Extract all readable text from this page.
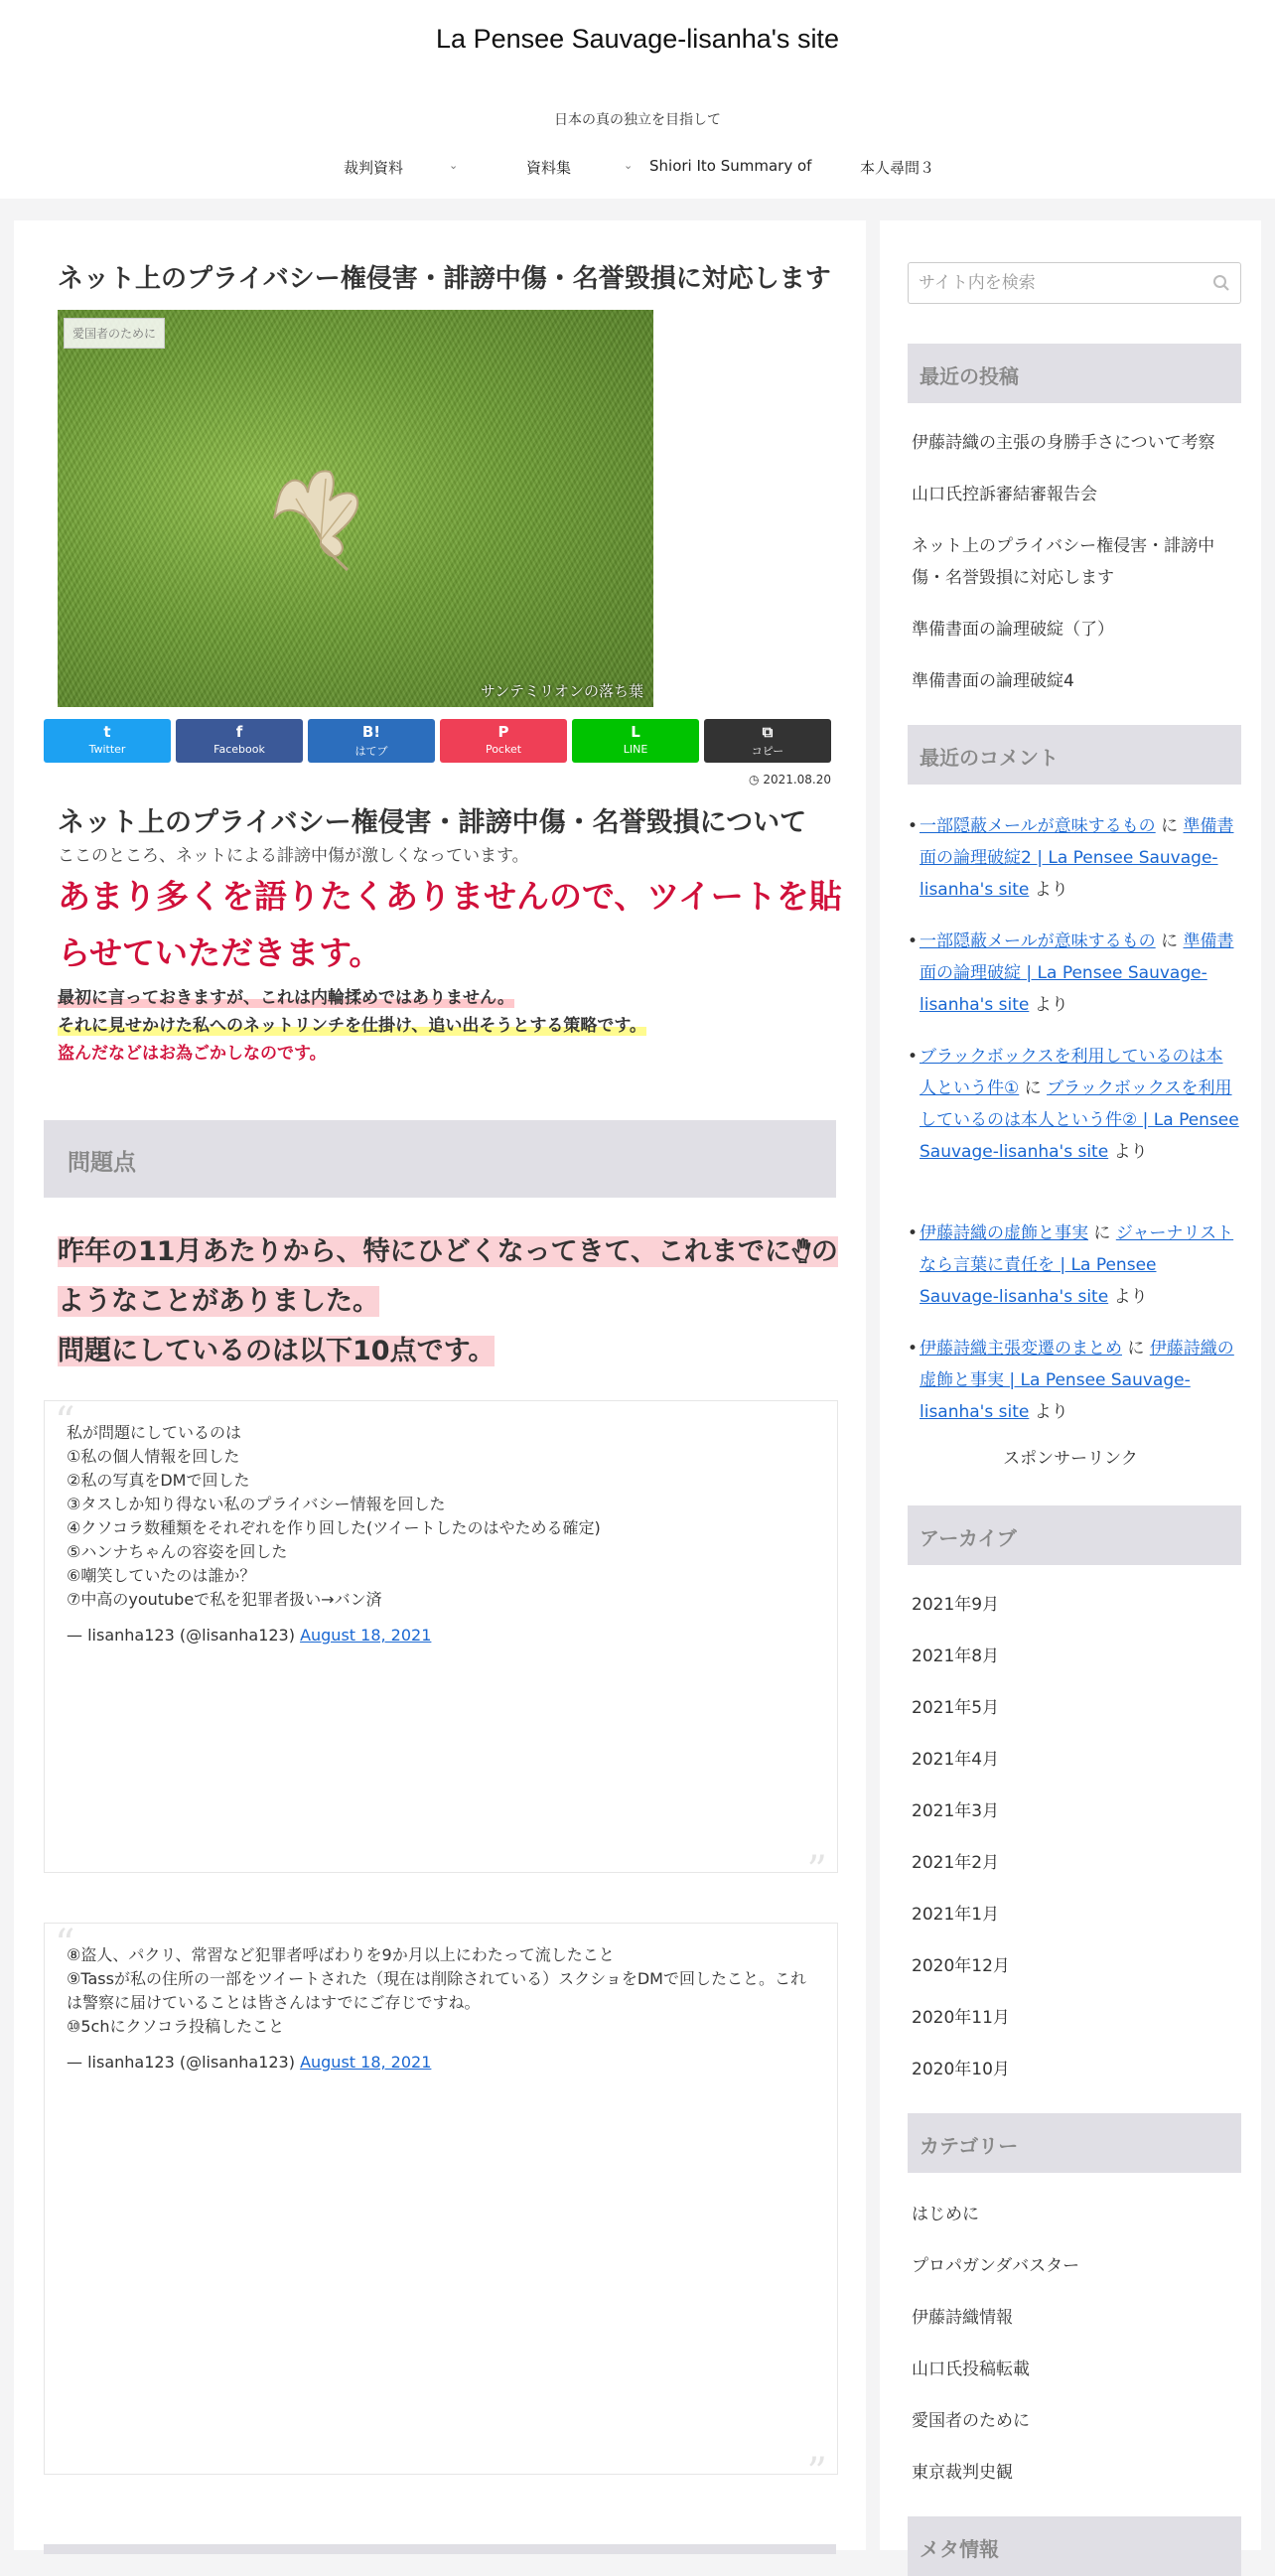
La Pensee Sauvage-lisanha's site
日本の真の独立を目指して
裁判資料	⌄	資料集	⌄ Shiori Ito Summary of	本人尋問３
ネット上のプライバシー権侵害・誹謗中傷・名誉毀損に対応します
愛国者のために
サンテミリオンの落ち葉
t
Twitter
f
Facebook
B!
はてブ
P
Pocket
L
LINE
⧉
コピー
◷ 2021.08.20
ネット上のプライバシー権侵害・誹謗中傷・名誉毀損について

ここのところ、ネットによる誹謗中傷が激しくなっています。

あまり多くを語りたくありませんので、ツイートを貼らせていただきます。

最初に言っておきますが、これは内輪揉めではありません。

それに見せかけた私へのネットリンチを仕掛け、追い出そうとする策略です。

盗んだなどはお為ごかしなのです。

問題点
昨年の11月あたりから、特にひどくなってきて、これまでに🖐︎のようなことがありました。
問題にしているのは以下10点です。
“
私が問題にしているのは
①私の個人情報を回した
②私の写真をDMで回した
③タスしか知り得ない私のプライバシー情報を回した
④クソコラ数種類をそれぞれを作り回した(ツイートしたのはやためる確定)
⑤ハンナちゃんの容姿を回した
⑥嘲笑していたのは誰か？
⑦中高のyoutubeで私を犯罪者扱い→バン済
— lisanha123 (@lisanha123) August 18, 2021
”
“
⑧盗人、パクリ、常習など犯罪者呼ばわりを9か月以上にわたって流したこと
⑨Tassが私の住所の一部をツイートされた（現在は削除されている）スクショをDMで回したこと。これは警察に届けていることは皆さんはすでにご存じですね。
⑩5chにクソコラ投稿したこと
— lisanha123 (@lisanha123) August 18, 2021
”
サイト内を検索
最近の投稿
伊藤詩織の主張の身勝手さについて考察
山口氏控訴審結審報告会
ネット上のプライバシー権侵害・誹謗中傷・名誉毀損に対応します
準備書面の論理破綻（了）
準備書面の論理破綻4
最近のコメント
• 一部隠蔽メールが意味するもの に 準備書面の論理破綻2 | La Pensee Sauvage-lisanha's site より
• 一部隠蔽メールが意味するもの に 準備書面の論理破綻 | La Pensee Sauvage-lisanha's site より
• ブラックボックスを利用しているのは本人という件① に ブラックボックスを利用しているのは本人という件② | La Pensee Sauvage-lisanha's site より
• 伊藤詩織の虚飾と事実 に ジャーナリストなら言葉に責任を | La Pensee Sauvage-lisanha's site より
• 伊藤詩織主張変遷のまとめ に 伊藤詩織の虚飾と事実 | La Pensee Sauvage-lisanha's site より
スポンサーリンク
アーカイブ
2021年9月
2021年8月
2021年5月
2021年4月
2021年3月
2021年2月
2021年1月
2020年12月
2020年11月
2020年10月
カテゴリー
はじめに
プロパガンダバスター
伊藤詩織情報
山口氏投稿転載
愛国者のために
東京裁判史観
メタ情報
